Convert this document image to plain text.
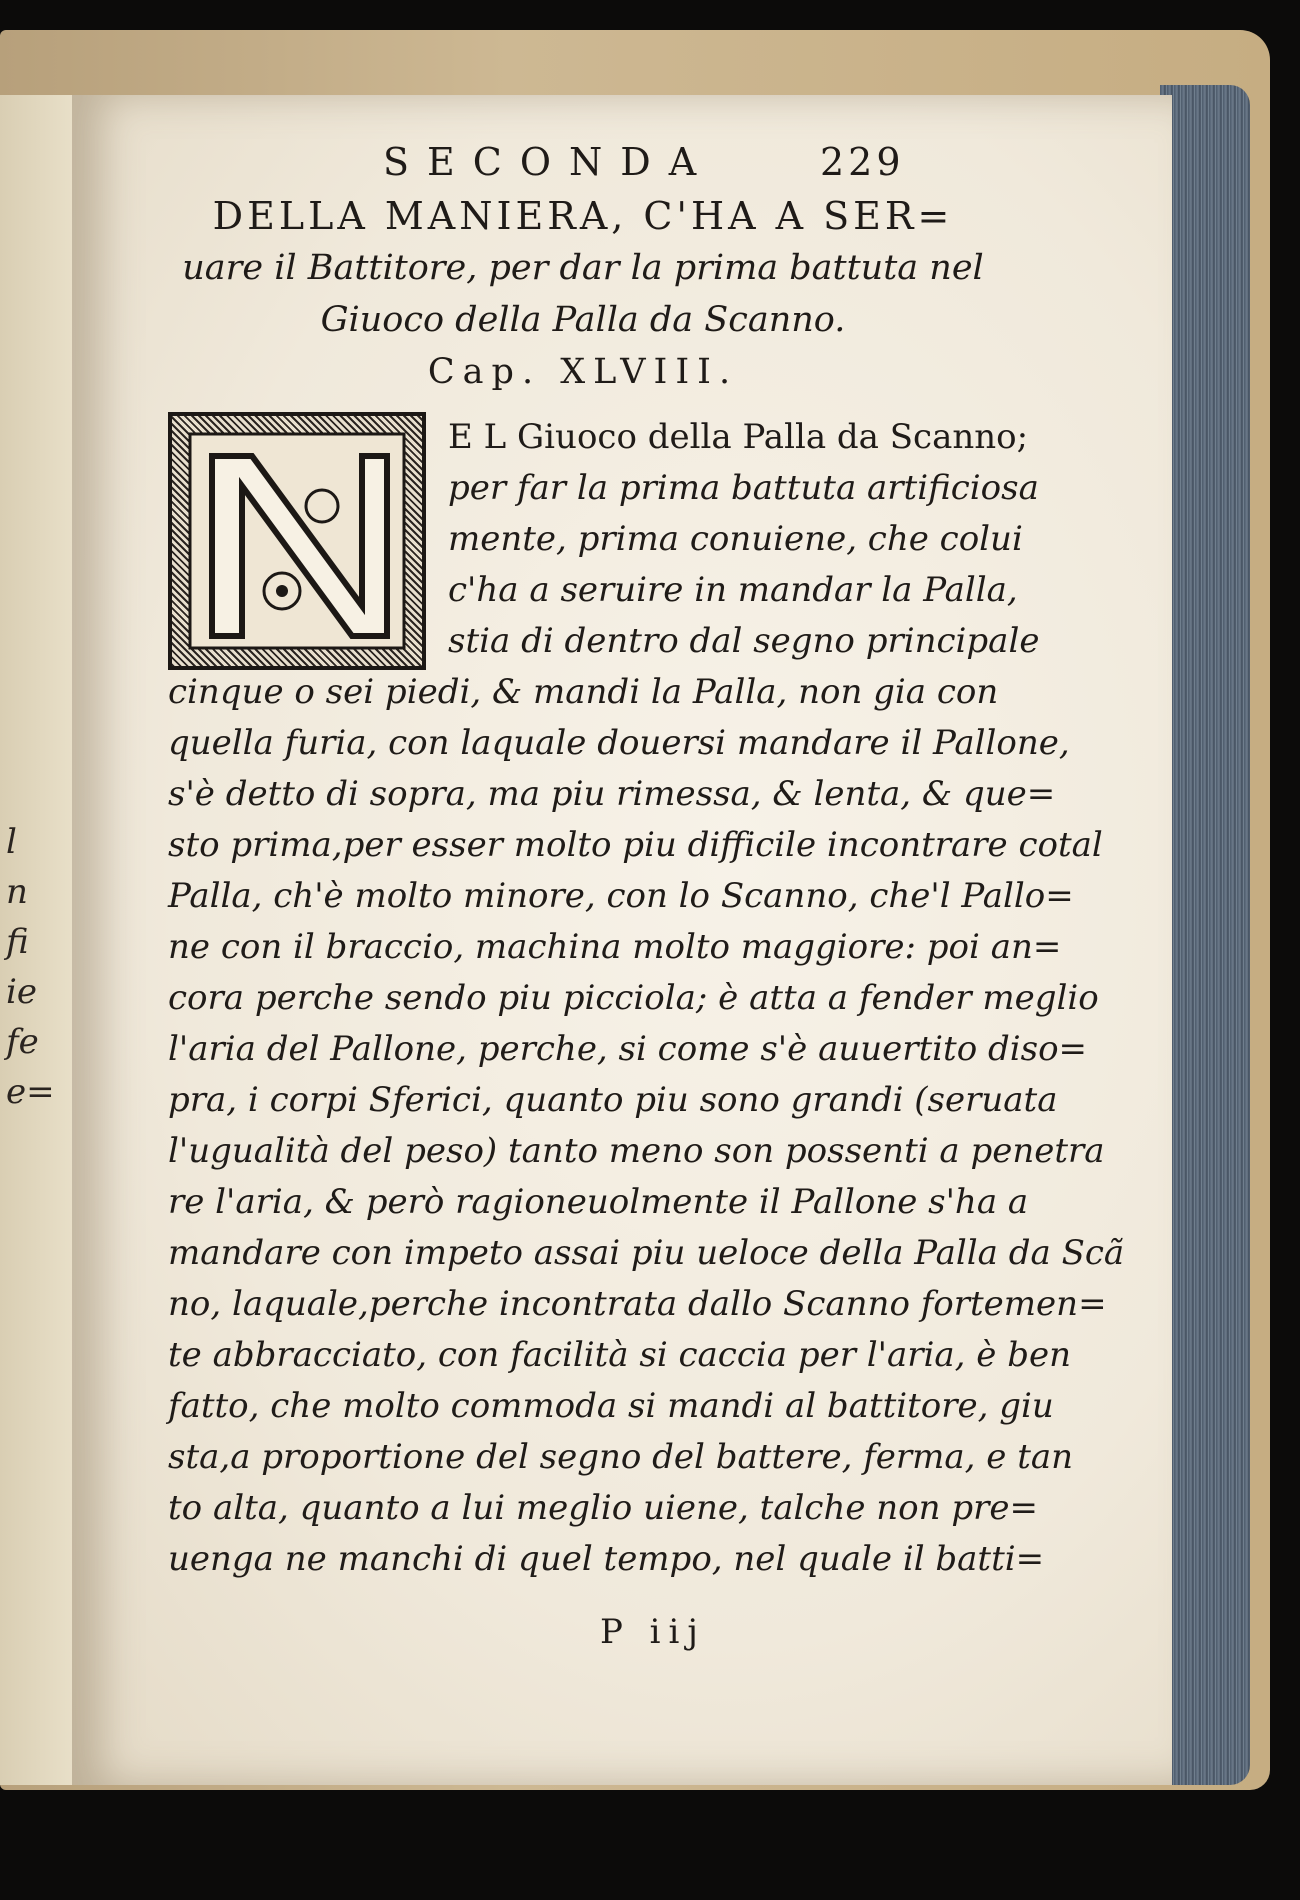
l
n
fi
ie
fe
e=
SECONDA	229
DELLA MANIERA, C'HA A SER=
uare il Battitore, per dar la prima battuta nel
Giuoco della Palla da Scanno.
Cap. XLVIII.
E L Giuoco della Palla da Scanno;
per far la prima battuta artificiosa
mente, prima conuiene, che colui
c'ha a seruire in mandar la Palla,
stia di dentro dal segno principale
cinque o sei piedi, & mandi la Palla, non gia con
quella furia, con laquale douersi mandare il Pallone,
s'è detto di sopra, ma piu rimessa, & lenta, & que=
sto prima,per esser molto piu difficile incontrare cotal
Palla, ch'è molto minore, con lo Scanno, che'l Pallo=
ne con il braccio, machina molto maggiore: poi an=
cora perche sendo piu picciola; è atta a fender meglio
l'aria del Pallone, perche, si come s'è auuertito diso=
pra, i corpi Sferici, quanto piu sono grandi (seruata
l'ugualità del peso) tanto meno son possenti a penetra
re l'aria, & però ragioneuolmente il Pallone s'ha a
mandare con impeto assai piu ueloce della Palla da Scã
no, laquale,perche incontrata dallo Scanno fortemen=
te abbracciato, con facilità si caccia per l'aria, è ben
fatto, che molto commoda si mandi al battitore, giu
sta,a proportione del segno del battere, ferma, e tan
to alta, quanto a lui meglio uiene, talche non pre=
uenga ne manchi di quel tempo, nel quale il batti=
P iij
